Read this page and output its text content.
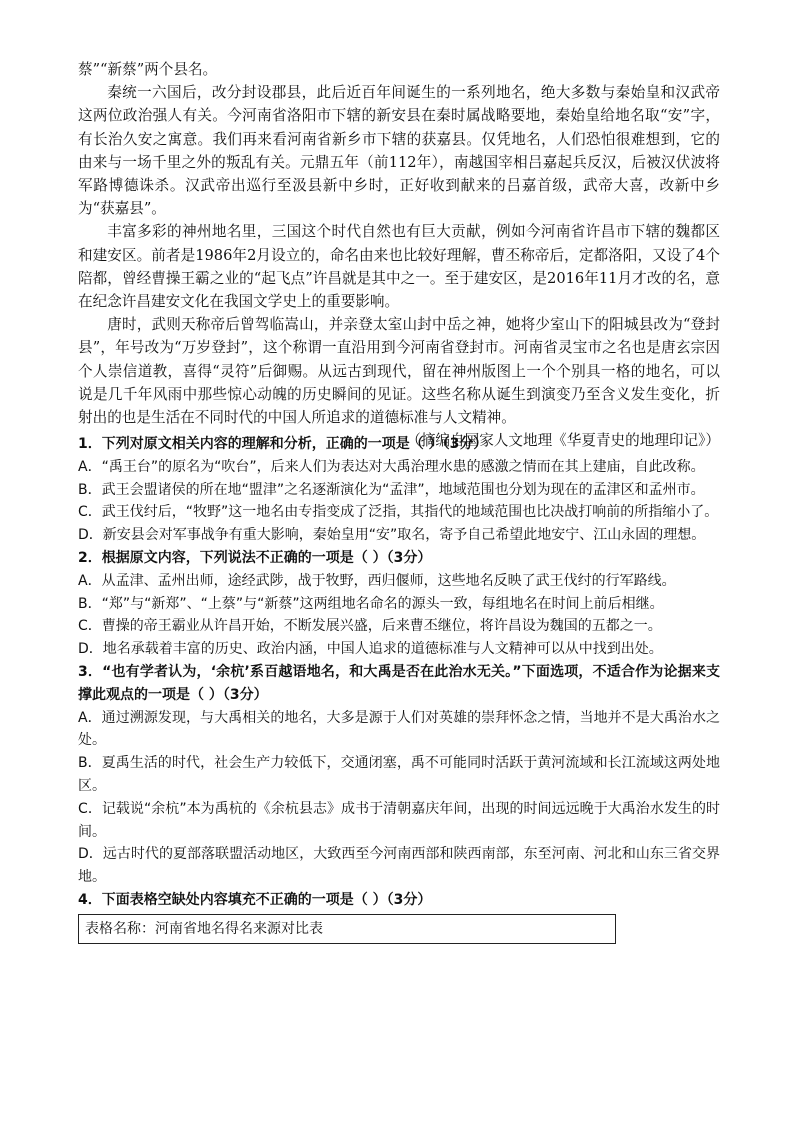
蔡”“新蔡”两个县名。

秦统一六国后，改分封设郡县，此后近百年间诞生的一系列地名，绝大多数与秦始皇和汉武帝这两位政治强人有关。今河南省洛阳市下辖的新安县在秦时属战略要地，秦始皇给地名取“安”字，有长治久安之寓意。我们再来看河南省新乡市下辖的获嘉县。仅凭地名，人们恐怕很难想到，它的由来与一场千里之外的叛乱有关。元鼎五年（前112年），南越国宰相吕嘉起兵反汉，后被汉伏波将军路博德诛杀。汉武帝出巡行至汲县新中乡时，正好收到献来的吕嘉首级，武帝大喜，改新中乡为“获嘉县”。

丰富多彩的神州地名里，三国这个时代自然也有巨大贡献，例如今河南省许昌市下辖的魏都区和建安区。前者是1986年2月设立的，命名由来也比较好理解，曹丕称帝后，定都洛阳，又设了4个陪都，曾经曹操王霸之业的“起飞点”许昌就是其中之一。至于建安区，是2016年11月才改的名，意在纪念许昌建安文化在我国文学史上的重要影响。

唐时，武则天称帝后曾驾临嵩山，并亲登太室山封中岳之神，她将少室山下的阳城县改为“登封县”，年号改为“万岁登封”，这个称谓一直沿用到今河南省登封市。河南省灵宝市之名也是唐玄宗因个人崇信道教，喜得“灵符”后御赐。从远古到现代，留在神州版图上一个个别具一格的地名，可以说是几千年风雨中那些惊心动魄的历史瞬间的见证。这些名称从诞生到演变乃至含义发生变化，折射出的也是生活在不同时代的中国人所追求的道德标准与人文精神。

（摘编自国家人文地理《华夏青史的地理印记》）

1．下列对原文相关内容的理解和分析，正确的一项是（ ）（3分）

A．“禹王台”的原名为“吹台”，后来人们为表达对大禹治理水患的感激之情而在其上建庙，自此改称。

B．武王会盟诸侯的所在地“盟津”之名逐渐演化为“孟津”，地域范围也分划为现在的孟津区和孟州市。

C．武王伐纣后，“牧野”这一地名由专指变成了泛指，其指代的地域范围也比决战打响前的所指缩小了。

D．新安县会对军事战争有重大影响，秦始皇用“安”取名，寄予自己希望此地安宁、江山永固的理想。

2．根据原文内容，下列说法不正确的一项是（ ）（3分）

A．从孟津、孟州出师，途经武陟，战于牧野，西归偃师，这些地名反映了武王伐纣的行军路线。

B．“郑”与“新郑”、“上蔡”与“新蔡”这两组地名命名的源头一致，每组地名在时间上前后相继。

C．曹操的帝王霸业从许昌开始，不断发展兴盛，后来曹丕继位，将许昌设为魏国的五都之一。

D．地名承载着丰富的历史、政治内涵，中国人追求的道德标准与人文精神可以从中找到出处。

3．“也有学者认为，‘余杭’系百越语地名，和大禹是否在此治水无关。”下面选项，不适合作为论据来支撑此观点的一项是（ ）（3分）

A．通过溯源发现，与大禹相关的地名，大多是源于人们对英雄的崇拜怀念之情，当地并不是大禹治水之处。

B．夏禹生活的时代，社会生产力较低下，交通闭塞，禹不可能同时活跃于黄河流域和长江流域这两处地区。

C．记载说“余杭”本为禹杭的《余杭县志》成书于清朝嘉庆年间，出现的时间远远晚于大禹治水发生的时间。

D．远古时代的夏部落联盟活动地区，大致西至今河南西部和陕西南部，东至河南、河北和山东三省交界地。

4．下面表格空缺处内容填充不正确的一项是（ ）（3分）

表格名称：河南省地名得名来源对比表
